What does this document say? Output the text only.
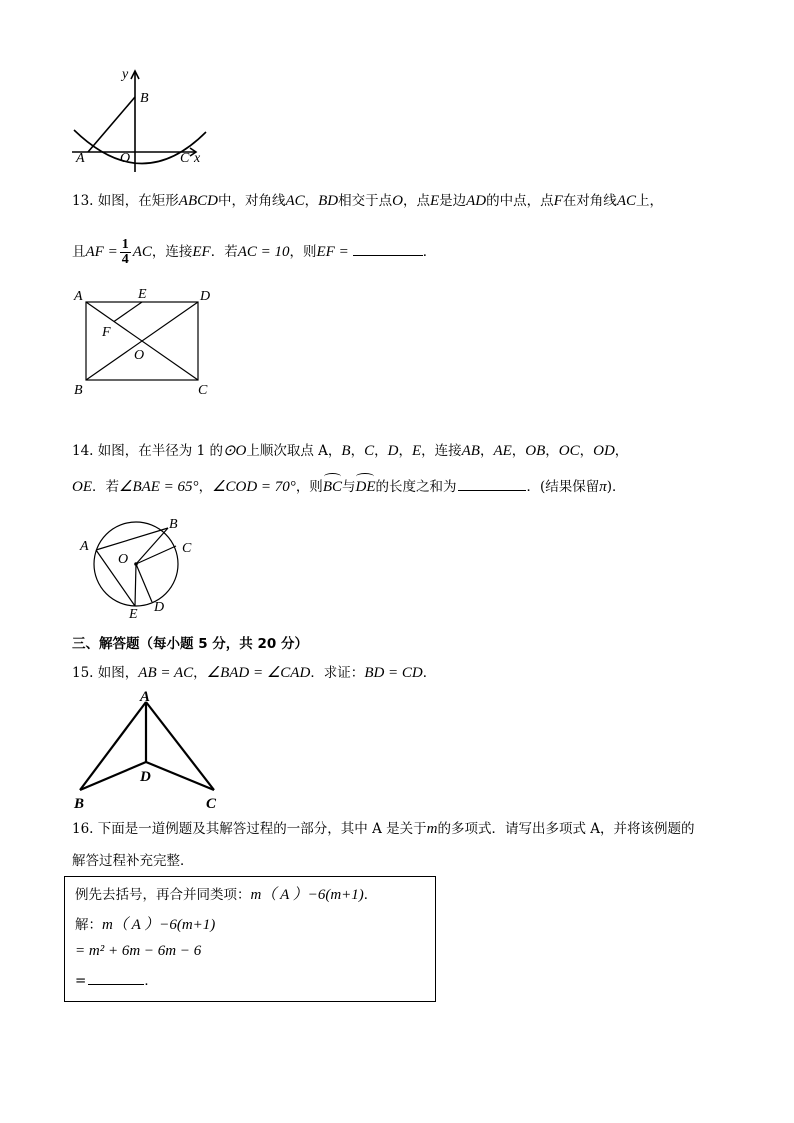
y
B
A	O	C x
13. 如图，在矩形ABCD中，对角线AC，BD相交于点O，点E是边AD的中点，点F在对角线AC上，
且AF = $\frac{1}{4}$ AC，连接EF．若AC = 10，则EF =	．
A	E	D
F
O
B	C
14. 如图，在半径为 1 的⊙O上顺次取点 A，B，C，D，E，连接AB，AE，OB，OC，OD，
OE．若∠BAE = 65°，∠COD = 70°，则BC与DE的长度之和为	．(结果保留π)．
A
B
C
O
E D
三、解答题（每小题 5 分，共 20 分）
15. 如图，AB = AC，∠BAD = ∠CAD．求证：BD = CD．
A
D
B	C
16. 下面是一道例题及其解答过程的一部分，其中 A 是关于m的多项式．请写出多项式 A，并将该例题的
解答过程补充完整．
例先去括号，再合并同类项：m（ A ）−6(m+1)．
解：m（ A ）−6(m+1)
= m² + 6m − 6m − 6
=	．
